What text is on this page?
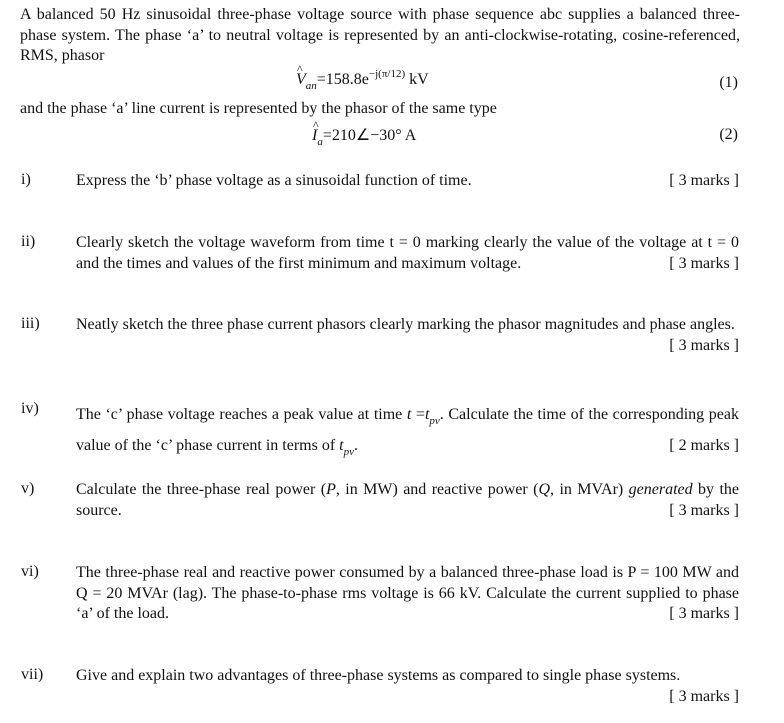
A balanced 50 Hz sinusoidal three-phase voltage source with phase sequence abc supplies a balanced three-phase system. The phase ‘a’ to neutral voltage is represented by an anti-clockwise-rotating, cosine-referenced, RMS, phasor
^ $V_{an}=158.8e^{-j(\pi/12)}$ kV	(1)
and the phase ‘a’ line current is represented by the phasor of the same type
^ $I_a=210\angle-30^\circ$ A	(2)
i)	[ 3 marks ]
Express the ‘b’ phase voltage as a sinusoidal function of time.
ii)	Clearly sketch the voltage waveform from time t = 0 marking clearly the value of the voltage at t = 0 and the times and values of the first minimum and maximum voltage.	[ 3 marks ]
iii) Neatly sketch the three phase current phasors clearly marking the phasor magnitudes and phase angles.
[ 3 marks ]
iv) The ‘c’ phase voltage reaches a peak value at time $t =t_{pv}$. Calculate the time of the corresponding peak value of the ‘c’ phase current in terms of $t_{pv}$.	[ 2 marks ]
v)	Calculate the three-phase real power (P, in MW) and reactive power (Q, in MVAr) generated by the source.	[ 3 marks ]
vi) The three-phase real and reactive power consumed by a balanced three-phase load is P = 100 MW and Q = 20 MVAr (lag). The phase-to-phase rms voltage is 66 kV. Calculate the current supplied to phase ‘a’ of the load.	[ 3 marks ]
vii) Give and explain two advantages of three-phase systems as compared to single phase systems.
[ 3 marks ]
